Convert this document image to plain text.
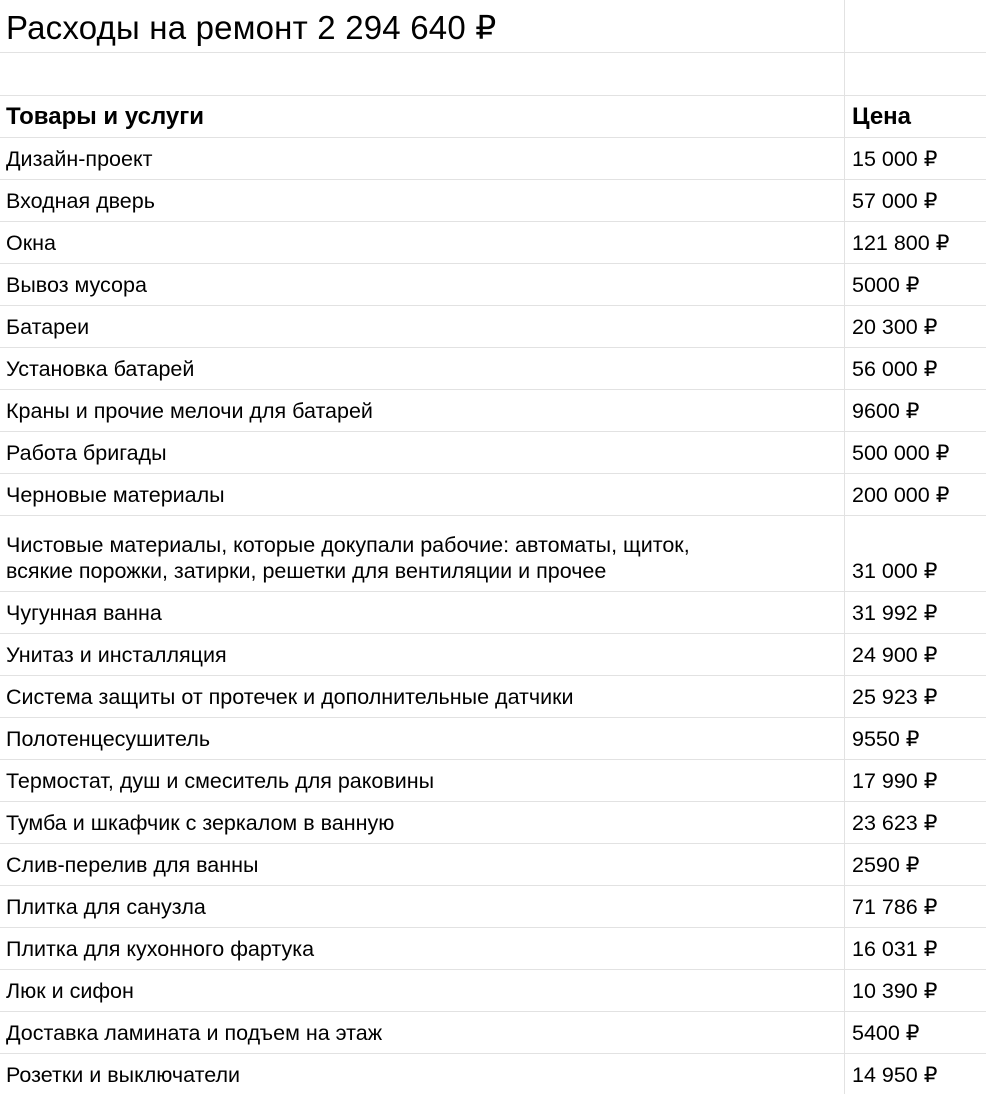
Расходы на ремонт 2 294 640 ₽
Товары и услуги	Цена
Дизайн-проект	15 000 ₽
Входная дверь	57 000 ₽
Окна	121 800 ₽
Вывоз мусора	5000 ₽
Батареи	20 300 ₽
Установка батарей	56 000 ₽
Краны и прочие мелочи для батарей	9600 ₽
Работа бригады	500 000 ₽
Черновые материалы	200 000 ₽
Чистовые материалы, которые докупали рабочие: автоматы, щиток,
всякие порожки, затирки, решетки для вентиляции и прочее	31 000 ₽
Чугунная ванна	31 992 ₽
Унитаз и инсталляция	24 900 ₽
Система защиты от протечек и дополнительные датчики	25 923 ₽
Полотенцесушитель	9550 ₽
Термостат, душ и смеситель для раковины	17 990 ₽
Тумба и шкафчик с зеркалом в ванную	23 623 ₽
Слив-перелив для ванны	2590 ₽
Плитка для санузла	71 786 ₽
Плитка для кухонного фартука	16 031 ₽
Люк и сифон	10 390 ₽
Доставка ламината и подъем на этаж	5400 ₽
Розетки и выключатели	14 950 ₽
